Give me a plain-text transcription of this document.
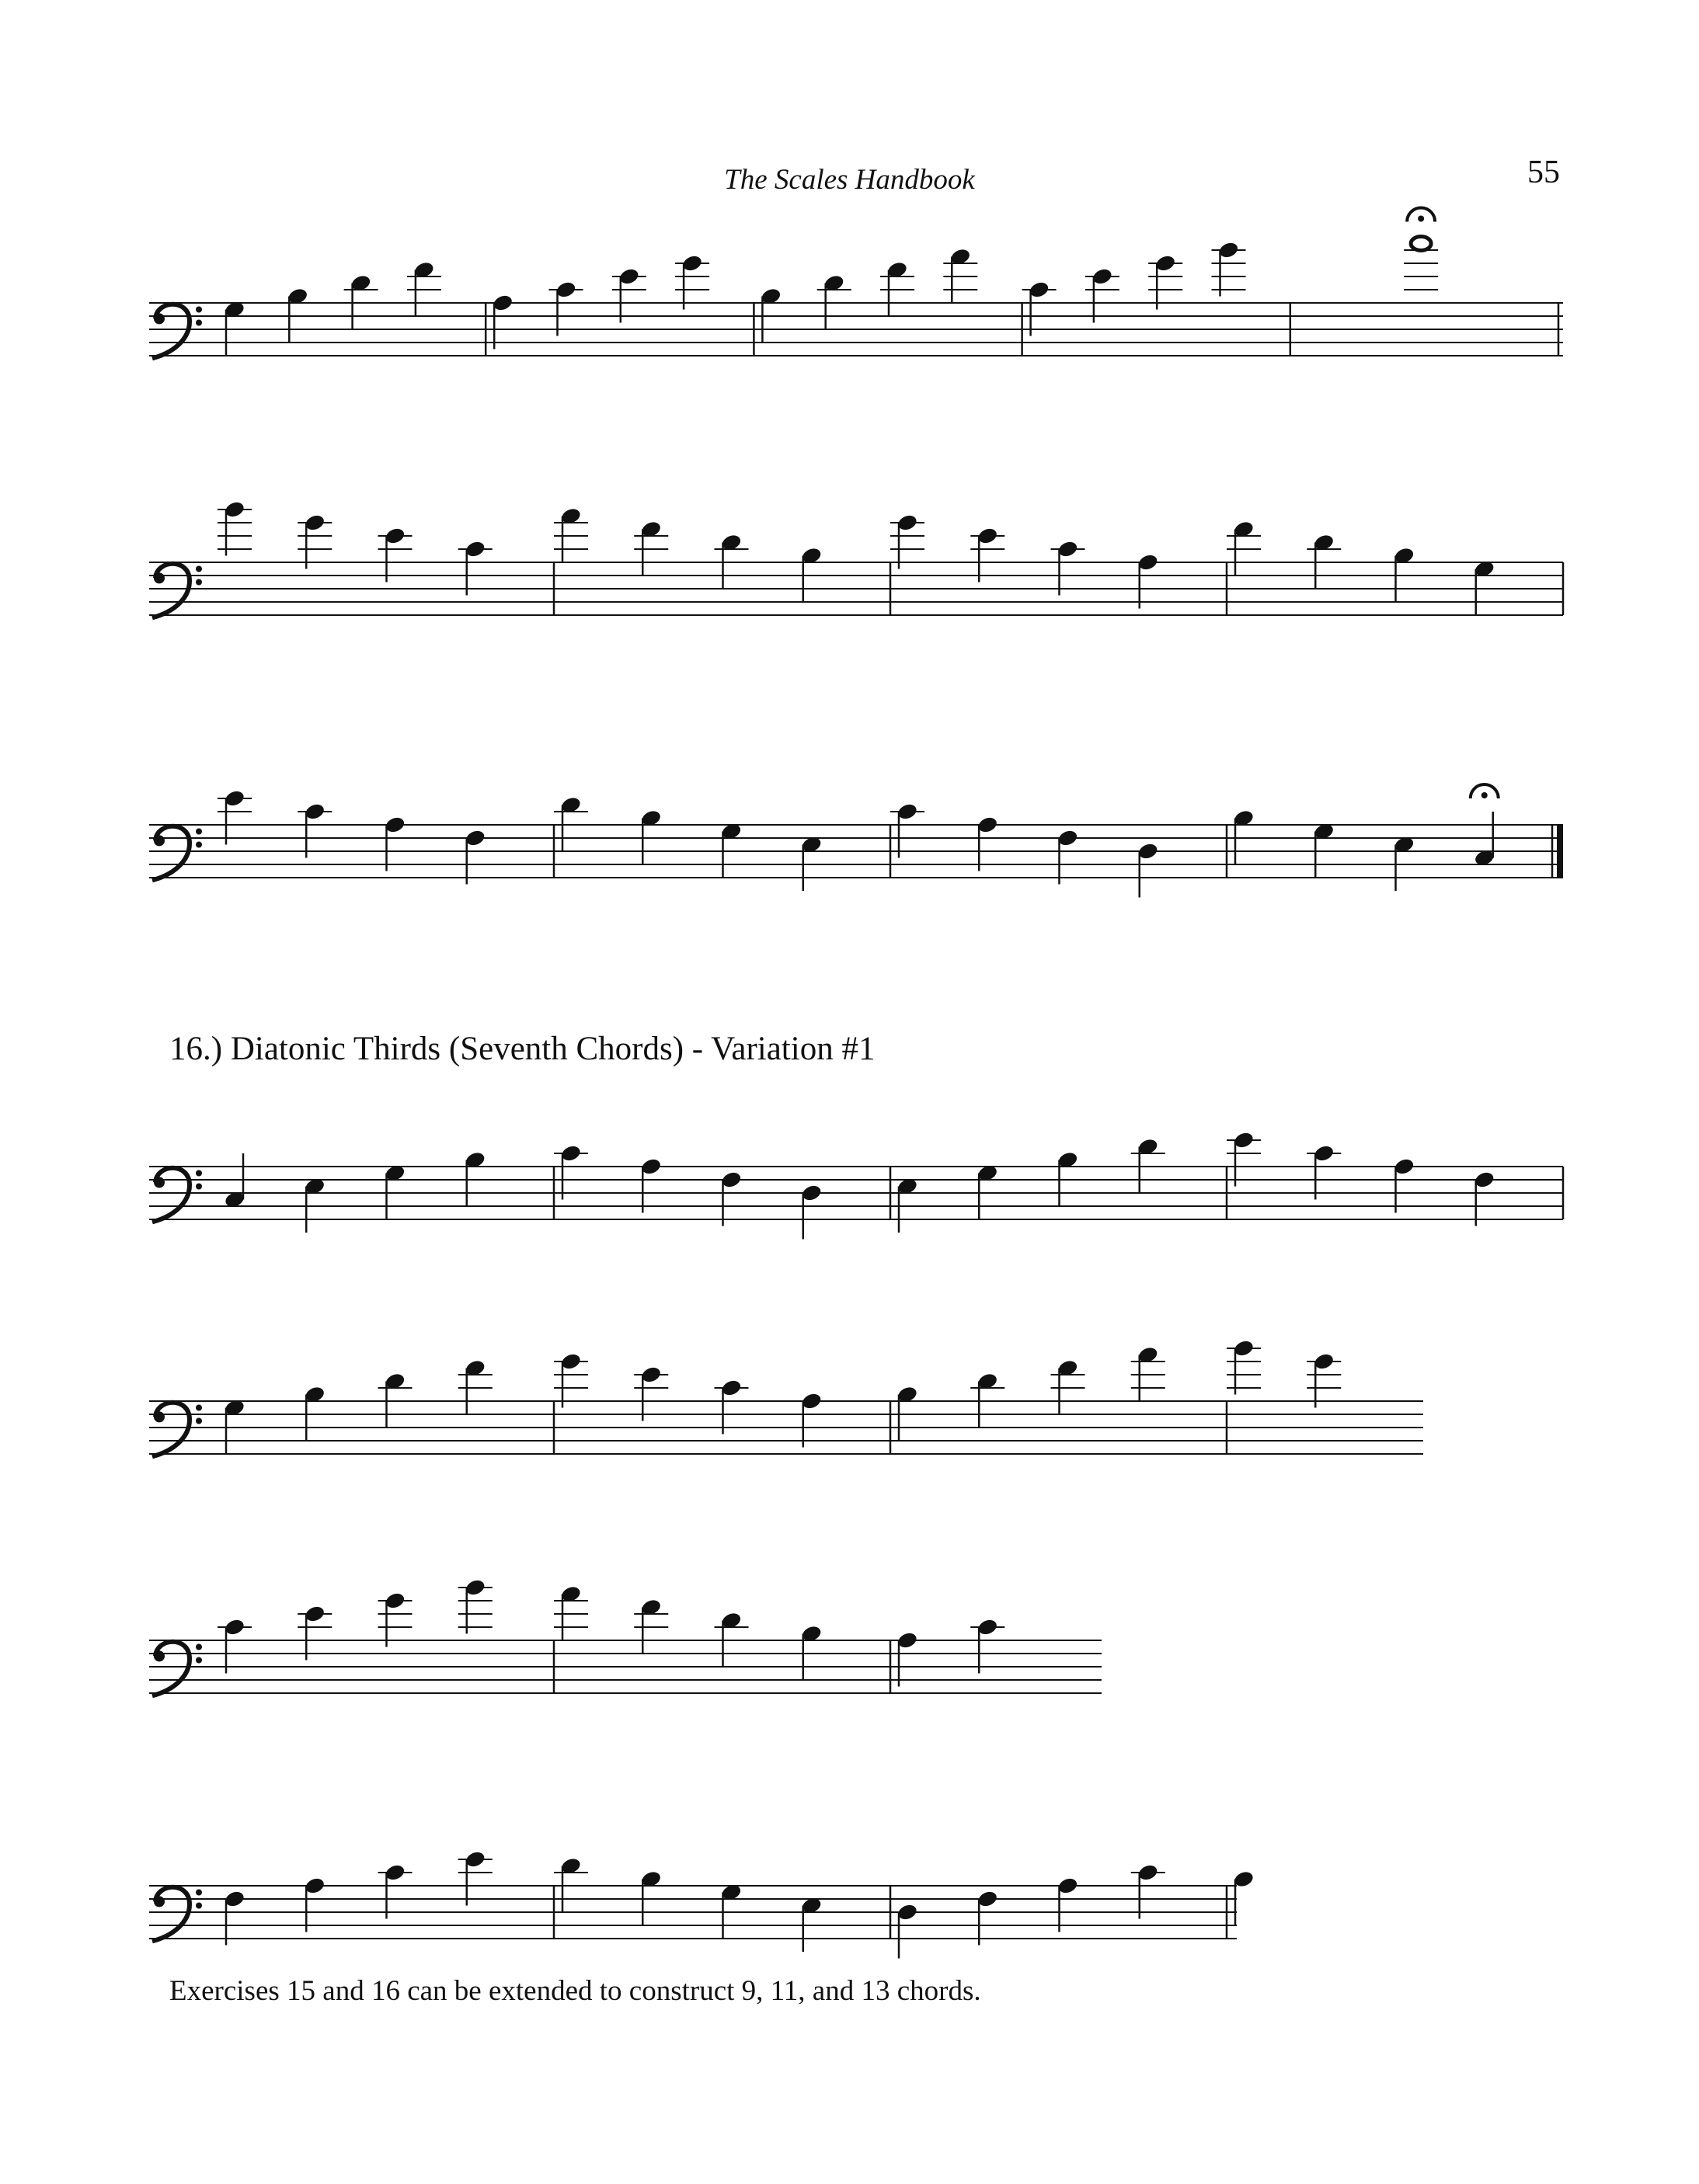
The Scales Handbook	55
16.) Diatonic Thirds (Seventh Chords) - Variation #1
Exercises 15 and 16 can be extended to construct 9, 11, and 13 chords.
